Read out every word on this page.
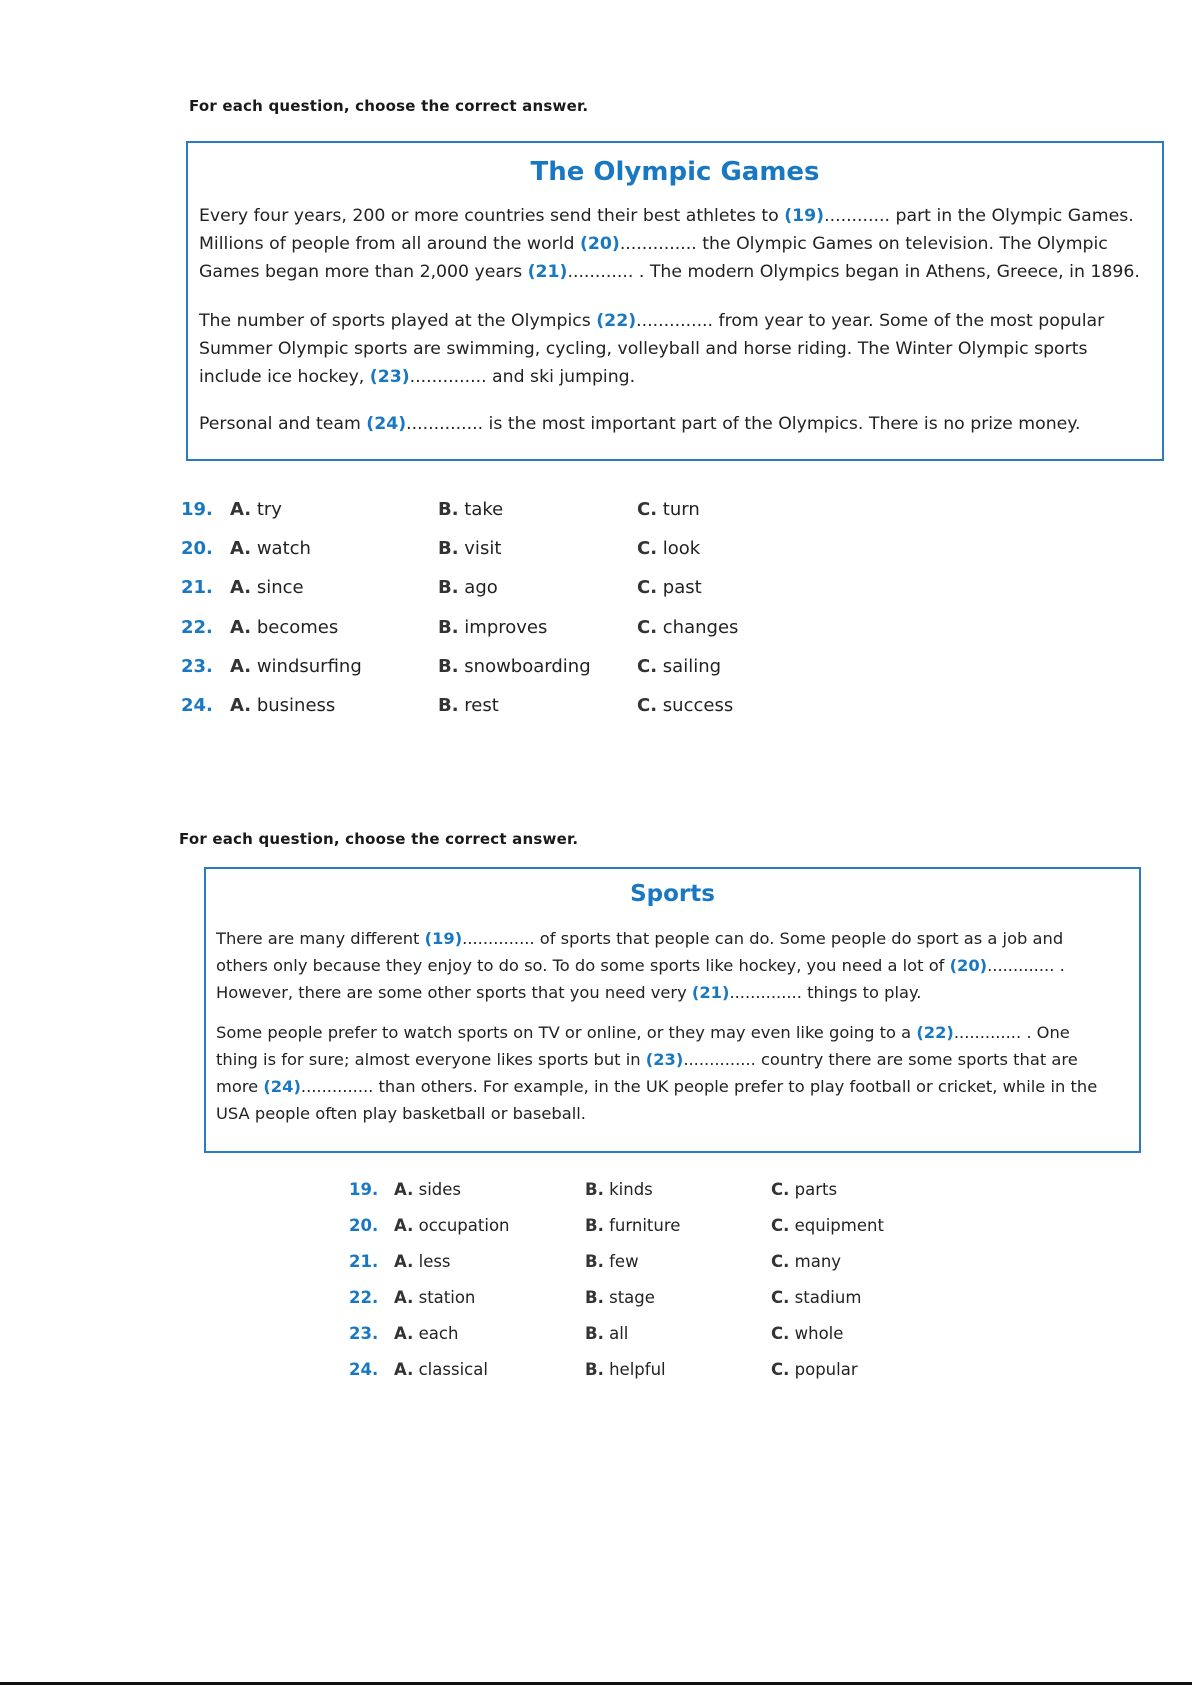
For each question, choose the correct answer.
The Olympic Games
Every four years, 200 or more countries send their best athletes to (19)............ part in the Olympic Games.
Millions of people from all around the world (20).............. the Olympic Games on television. The Olympic
Games began more than 2,000 years (21)............ . The modern Olympics began in Athens, Greece, in 1896.
The number of sports played at the Olympics (22).............. from year to year. Some of the most popular
Summer Olympic sports are swimming, cycling, volleyball and horse riding. The Winter Olympic sports
include ice hockey, (23).............. and ski jumping.
Personal and team (24).............. is the most important part of the Olympics. There is no prize money.
19. A. try	B. take	C. turn
20. A. watch	B. visit	C. look
21. A. since	B. ago	C. past
22. A. becomes	B. improves	C. changes
23. A. windsurfing	B. snowboarding	C. sailing
24. A. business	B. rest	C. success
For each question, choose the correct answer.
Sports
There are many different (19).............. of sports that people can do. Some people do sport as a job and
others only because they enjoy to do so. To do some sports like hockey, you need a lot of (20)............. .
However, there are some other sports that you need very (21).............. things to play.
Some people prefer to watch sports on TV or online, or they may even like going to a (22)............. . One
thing is for sure; almost everyone likes sports but in (23).............. country there are some sports that are
more (24).............. than others. For example, in the UK people prefer to play football or cricket, while in the
USA people often play basketball or baseball.
19. A. sides	B. kinds	C. parts
20. A. occupation	B. furniture	C. equipment
21. A. less	B. few	C. many
22. A. station	B. stage	C. stadium
23. A. each	B. all	C. whole
24. A. classical	B. helpful	C. popular
